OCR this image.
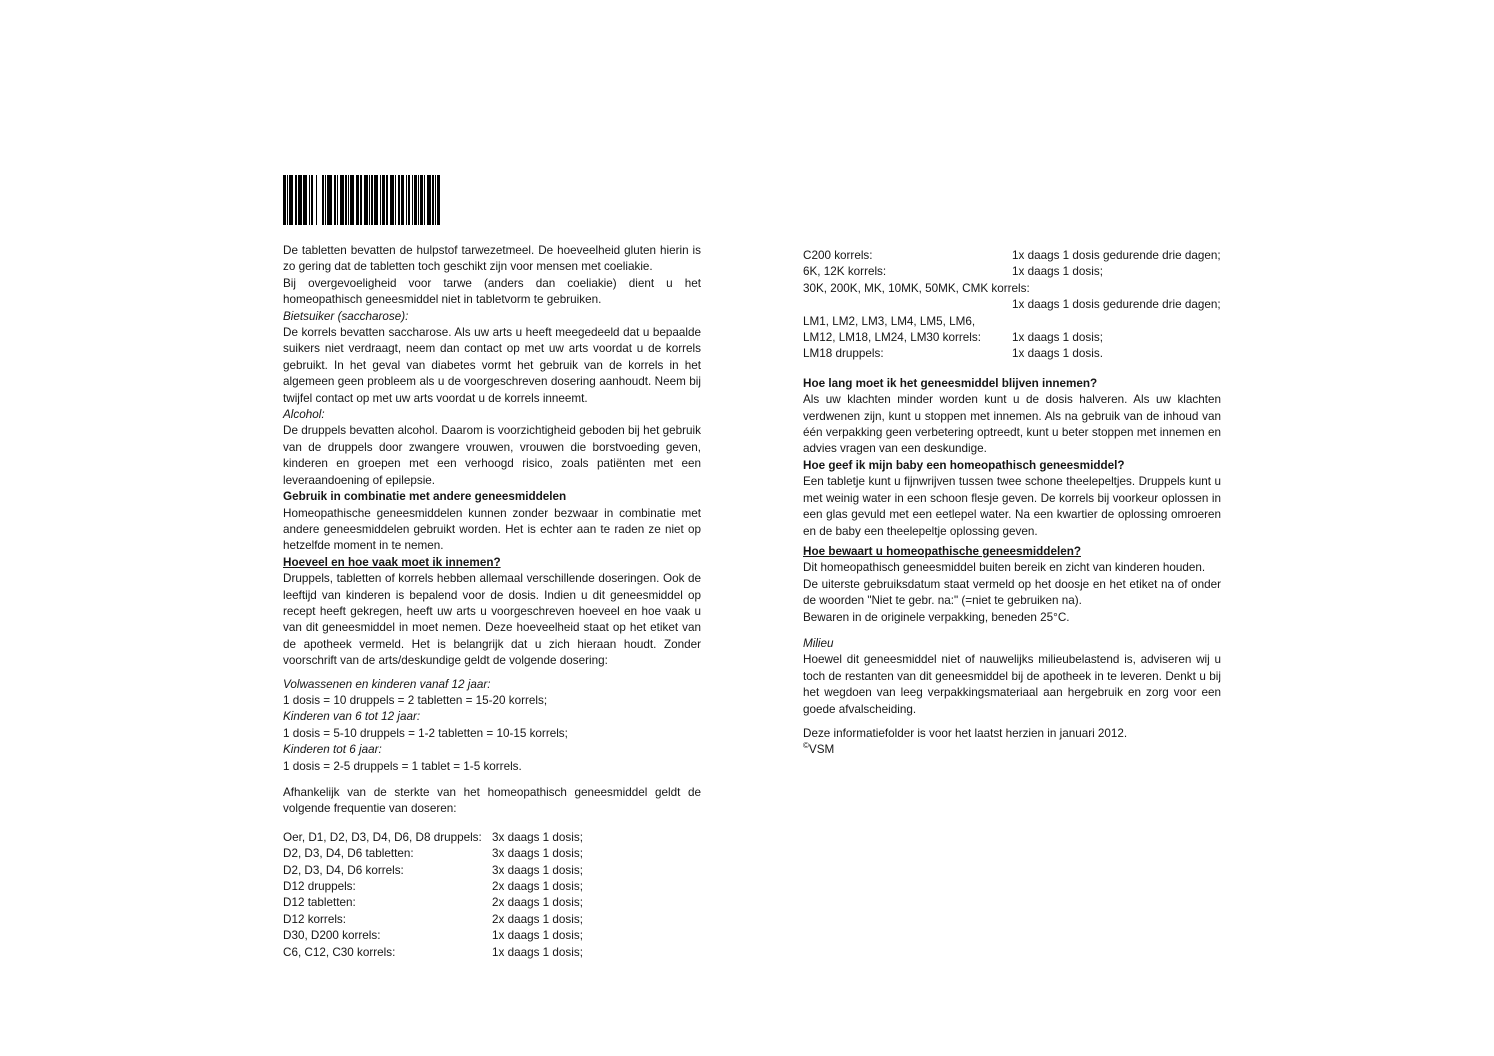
De tabletten bevatten de hulpstof tarwezetmeel. De hoeveelheid gluten hierin is zo gering dat de tabletten toch geschikt zijn voor mensen met coeliakie.

Bij overgevoeligheid voor tarwe (anders dan coeliakie) dient u het homeopathisch geneesmiddel niet in tabletvorm te gebruiken.

Bietsuiker (saccharose):

De korrels bevatten saccharose. Als uw arts u heeft meegedeeld dat u bepaalde suikers niet verdraagt, neem dan contact op met uw arts voordat u de korrels gebruikt. In het geval van diabetes vormt het gebruik van de korrels in het algemeen geen probleem als u de voorgeschreven dosering aanhoudt. Neem bij twijfel contact op met uw arts voordat u de korrels inneemt.

Alcohol:

De druppels bevatten alcohol. Daarom is voorzichtigheid geboden bij het gebruik van de druppels door zwangere vrouwen, vrouwen die borstvoeding geven, kinderen en groepen met een verhoogd risico, zoals patiënten met een leveraandoening of epilepsie.

Gebruik in combinatie met andere geneesmiddelen

Homeopathische geneesmiddelen kunnen zonder bezwaar in combinatie met andere geneesmiddelen gebruikt worden. Het is echter aan te raden ze niet op hetzelfde moment in te nemen.

Hoeveel en hoe vaak moet ik innemen?

Druppels, tabletten of korrels hebben allemaal verschillende doseringen. Ook de leeftijd van kinderen is bepalend voor de dosis. Indien u dit geneesmiddel op recept heeft gekregen, heeft uw arts u voorgeschreven hoeveel en hoe vaak u van dit geneesmiddel in moet nemen. Deze hoeveelheid staat op het etiket van de apotheek vermeld. Het is belangrijk dat u zich hieraan houdt. Zonder voorschrift van de arts/deskundige geldt de volgende dosering:

Volwassenen en kinderen vanaf 12 jaar:

1 dosis = 10 druppels = 2 tabletten = 15-20 korrels;

Kinderen van 6 tot 12 jaar:

1 dosis = 5-10 druppels = 1-2 tabletten = 10-15 korrels;

Kinderen tot 6 jaar:

1 dosis = 2-5 druppels = 1 tablet = 1-5 korrels.

Afhankelijk van de sterkte van het homeopathisch geneesmiddel geldt de volgende frequentie van doseren:

Oer, D1, D2, D3, D4, D6, D8 druppels: 3x daags 1 dosis;
D2, D3, D4, D6 tabletten:	3x daags 1 dosis;
D2, D3, D4, D6 korrels:	3x daags 1 dosis;
D12 druppels:	2x daags 1 dosis;
D12 tabletten:	2x daags 1 dosis;
D12 korrels:	2x daags 1 dosis;
D30, D200 korrels:	1x daags 1 dosis;
C6, C12, C30 korrels:	1x daags 1 dosis;
C200 korrels:	1x daags 1 dosis gedurende drie dagen;
6K, 12K korrels:	1x daags 1 dosis;
30K, 200K, MK, 10MK, 50MK, CMK korrels:
1x daags 1 dosis gedurende drie dagen;
LM1, LM2, LM3, LM4, LM5, LM6,
LM12, LM18, LM24, LM30 korrels:	1x daags 1 dosis;
LM18 druppels:	1x daags 1 dosis.

Hoe lang moet ik het geneesmiddel blijven innemen?

Als uw klachten minder worden kunt u de dosis halveren. Als uw klachten verdwenen zijn, kunt u stoppen met innemen. Als na gebruik van de inhoud van één verpakking geen verbetering optreedt, kunt u beter stoppen met innemen en advies vragen van een deskundige.

Hoe geef ik mijn baby een homeopathisch geneesmiddel?

Een tabletje kunt u fijnwrijven tussen twee schone theelepeltjes. Druppels kunt u met weinig water in een schoon flesje geven. De korrels bij voorkeur oplossen in een glas gevuld met een eetlepel water. Na een kwartier de oplossing omroeren en de baby een theelepeltje oplossing geven.

Hoe bewaart u homeopathische geneesmiddelen?

Dit homeopathisch geneesmiddel buiten bereik en zicht van kinderen houden.

De uiterste gebruiksdatum staat vermeld op het doosje en het etiket na of onder de woorden "Niet te gebr. na:" (=niet te gebruiken na).

Bewaren in de originele verpakking, beneden 25°C.

Milieu

Hoewel dit geneesmiddel niet of nauwelijks milieubelastend is, adviseren wij u toch de restanten van dit geneesmiddel bij de apotheek in te leveren. Denkt u bij het wegdoen van leeg verpakkingsmateriaal aan hergebruik en zorg voor een goede afvalscheiding.

Deze informatiefolder is voor het laatst herzien in januari 2012.

©VSM
